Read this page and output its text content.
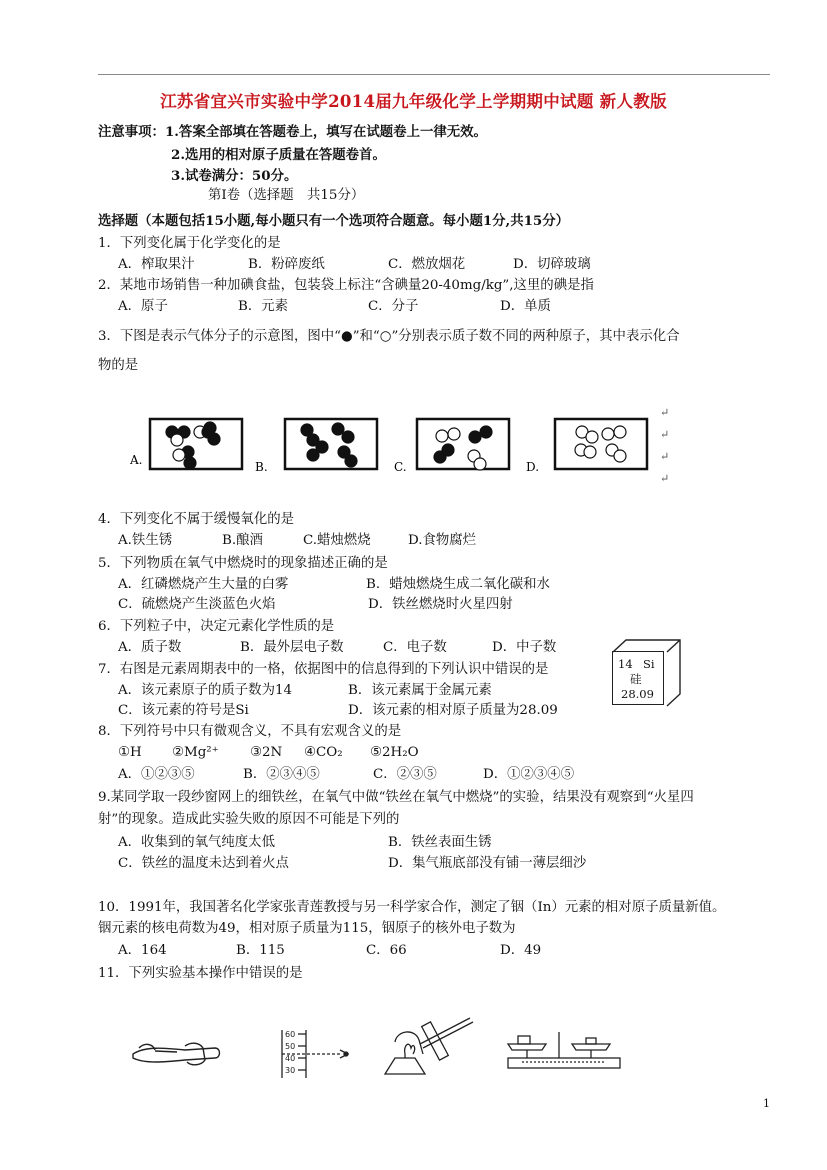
江苏省宜兴市实验中学2014届九年级化学上学期期中试题 新人教版
注意事项：1.答案全部填在答题卷上，填写在试题卷上一律无效。
2.选用的相对原子质量在答题卷首。
3.试卷满分：50分。
第Ⅰ卷（选择题　共15分）
选择题（本题包括15小题,每小题只有一个选项符合题意。每小题1分,共15分）
1．下列变化属于化学变化的是
A．榨取果汁	B．粉碎废纸	C．燃放烟花	D．切碎玻璃
2．某地市场销售一种加碘食盐，包装袋上标注“含碘量20-40mg/kg”,这里的碘是指
A．原子	B．元素	C．分子	D．单质
3．下图是表示气体分子的示意图，图中“●”和“○”分别表示质子数不同的两种原子，其中表示化合
物的是
A.	B.	C.	D.
↵
↵
↵
↵
4．下列变化不属于缓慢氧化的是
A.铁生锈	B.酿酒	C.蜡烛燃烧	D.食物腐烂
5．下列物质在氧气中燃烧时的现象描述正确的是
A．红磷燃烧产生大量的白雾	B．蜡烛燃烧生成二氧化碳和水
C．硫燃烧产生淡蓝色火焰	D．铁丝燃烧时火星四射
6．下列粒子中，决定元素化学性质的是
A．质子数	B．最外层电子数	C．电子数	D．中子数
7．右图是元素周期表中的一格，依据图中的信息得到的下列认识中错误的是
A．该元素原子的质子数为14	B．该元素属于金属元素
C．该元素的符号是Si	D．该元素的相对原子质量为28.09
14 Si
硅
28.09
8．下列符号中只有微观含义，不具有宏观含义的是
①H ②Mg²⁺ ③2N ④CO₂ ⑤2H₂O
A．①②③⑤	B．②③④⑤	C．②③⑤	D．①②③④⑤
9.某同学取一段纱窗网上的细铁丝，在氧气中做“铁丝在氧气中燃烧”的实验，结果没有观察到“火星四
射”的现象。造成此实验失败的原因不可能是下列的
A．收集到的氧气纯度太低	B．铁丝表面生锈
C．铁丝的温度未达到着火点	D．集气瓶底部没有铺一薄层细沙
10．1991年，我国著名化学家张青莲教授与另一科学家合作，测定了铟（In）元素的相对原子质量新值。
铟元素的核电荷数为49，相对原子质量为115，铟原子的核外电子数为
A．164	B．115	C．66	D．49
11．下列实验基本操作中错误的是
60
50
40
30
1
